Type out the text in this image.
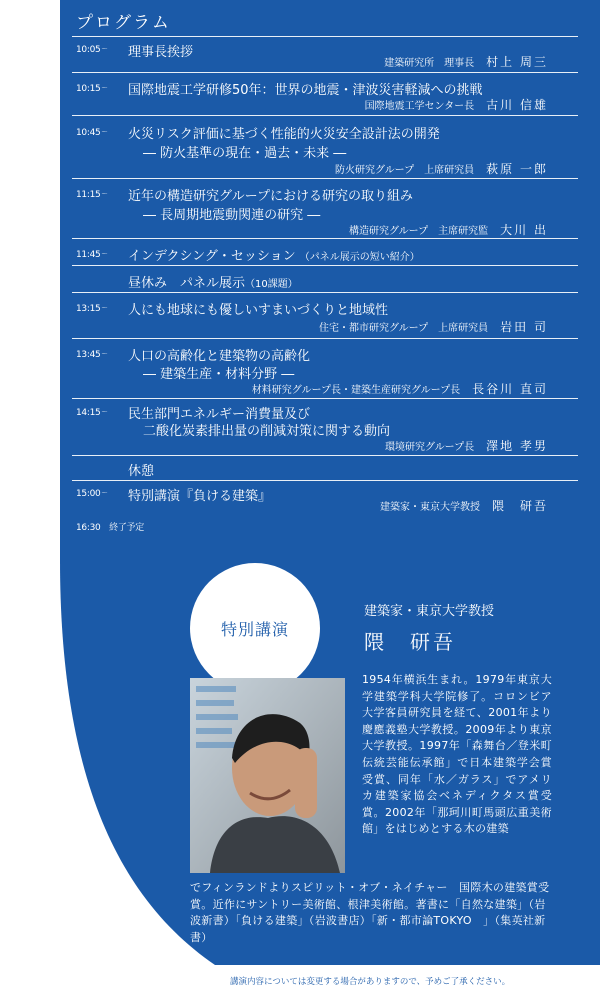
プログラム
10:05 〜	理事長挨拶
建築研究所　理事長 村上 周三
10:15 〜	国際地震工学研修50年：世界の地震・津波災害軽減への挑戦
国際地震工学センター長 古川 信雄
10:45 〜	火災リスク評価に基づく性能的火災安全設計法の開発
― 防火基準の現在・過去・未来 ―
防火研究グループ　上席研究員 萩原 一郎
11:15 〜	近年の構造研究グループにおける研究の取り組み
― 長周期地震動関連の研究 ―
構造研究グループ　主席研究監 大川 出
11:45 〜	インデクシング・セッション （パネル展示の短い紹介）
昼休み　パネル展示（10課題）
13:15 〜	人にも地球にも優しいすまいづくりと地域性
住宅・都市研究グループ　上席研究員 岩田 司
13:45 〜	人口の高齢化と建築物の高齢化
― 建築生産・材料分野 ―
材料研究グループ長・建築生産研究グループ長 長谷川 直司
14:15 〜	民生部門エネルギー消費量及び
二酸化炭素排出量の削減対策に関する動向
環境研究グループ長 澤地 孝男
休憩
15:00 〜	特別講演『負ける建築』
建築家・東京大学教授 隈　研吾
16:30　 終了予定
特別講演
建築家・東京大学教授
隈　研吾
1954年横浜生まれ。1979年東京大学建築学科大学院修了。コロンビア大学客員研究員を経て、2001年より慶應義塾大学教授。2009年より東京大学教授。1997年「森舞台／登米町伝統芸能伝承館」で日本建築学会賞受賞、同年「水／ガラス」でアメリカ建築家協会ベネディクタス賞受賞。2002年「那珂川町馬頭広重美術館」をはじめとする木の建築
でフィンランドよりスピリット・オブ・ネイチャー　国際木の建築賞受賞。近作にサントリー美術館、根津美術館。著書に「自然な建築」（岩波新書）「負ける建築」（岩波書店）「新・都市論TOKYO　」（集英社新書）
講演内容については変更する場合がありますので、予めご了承ください。
